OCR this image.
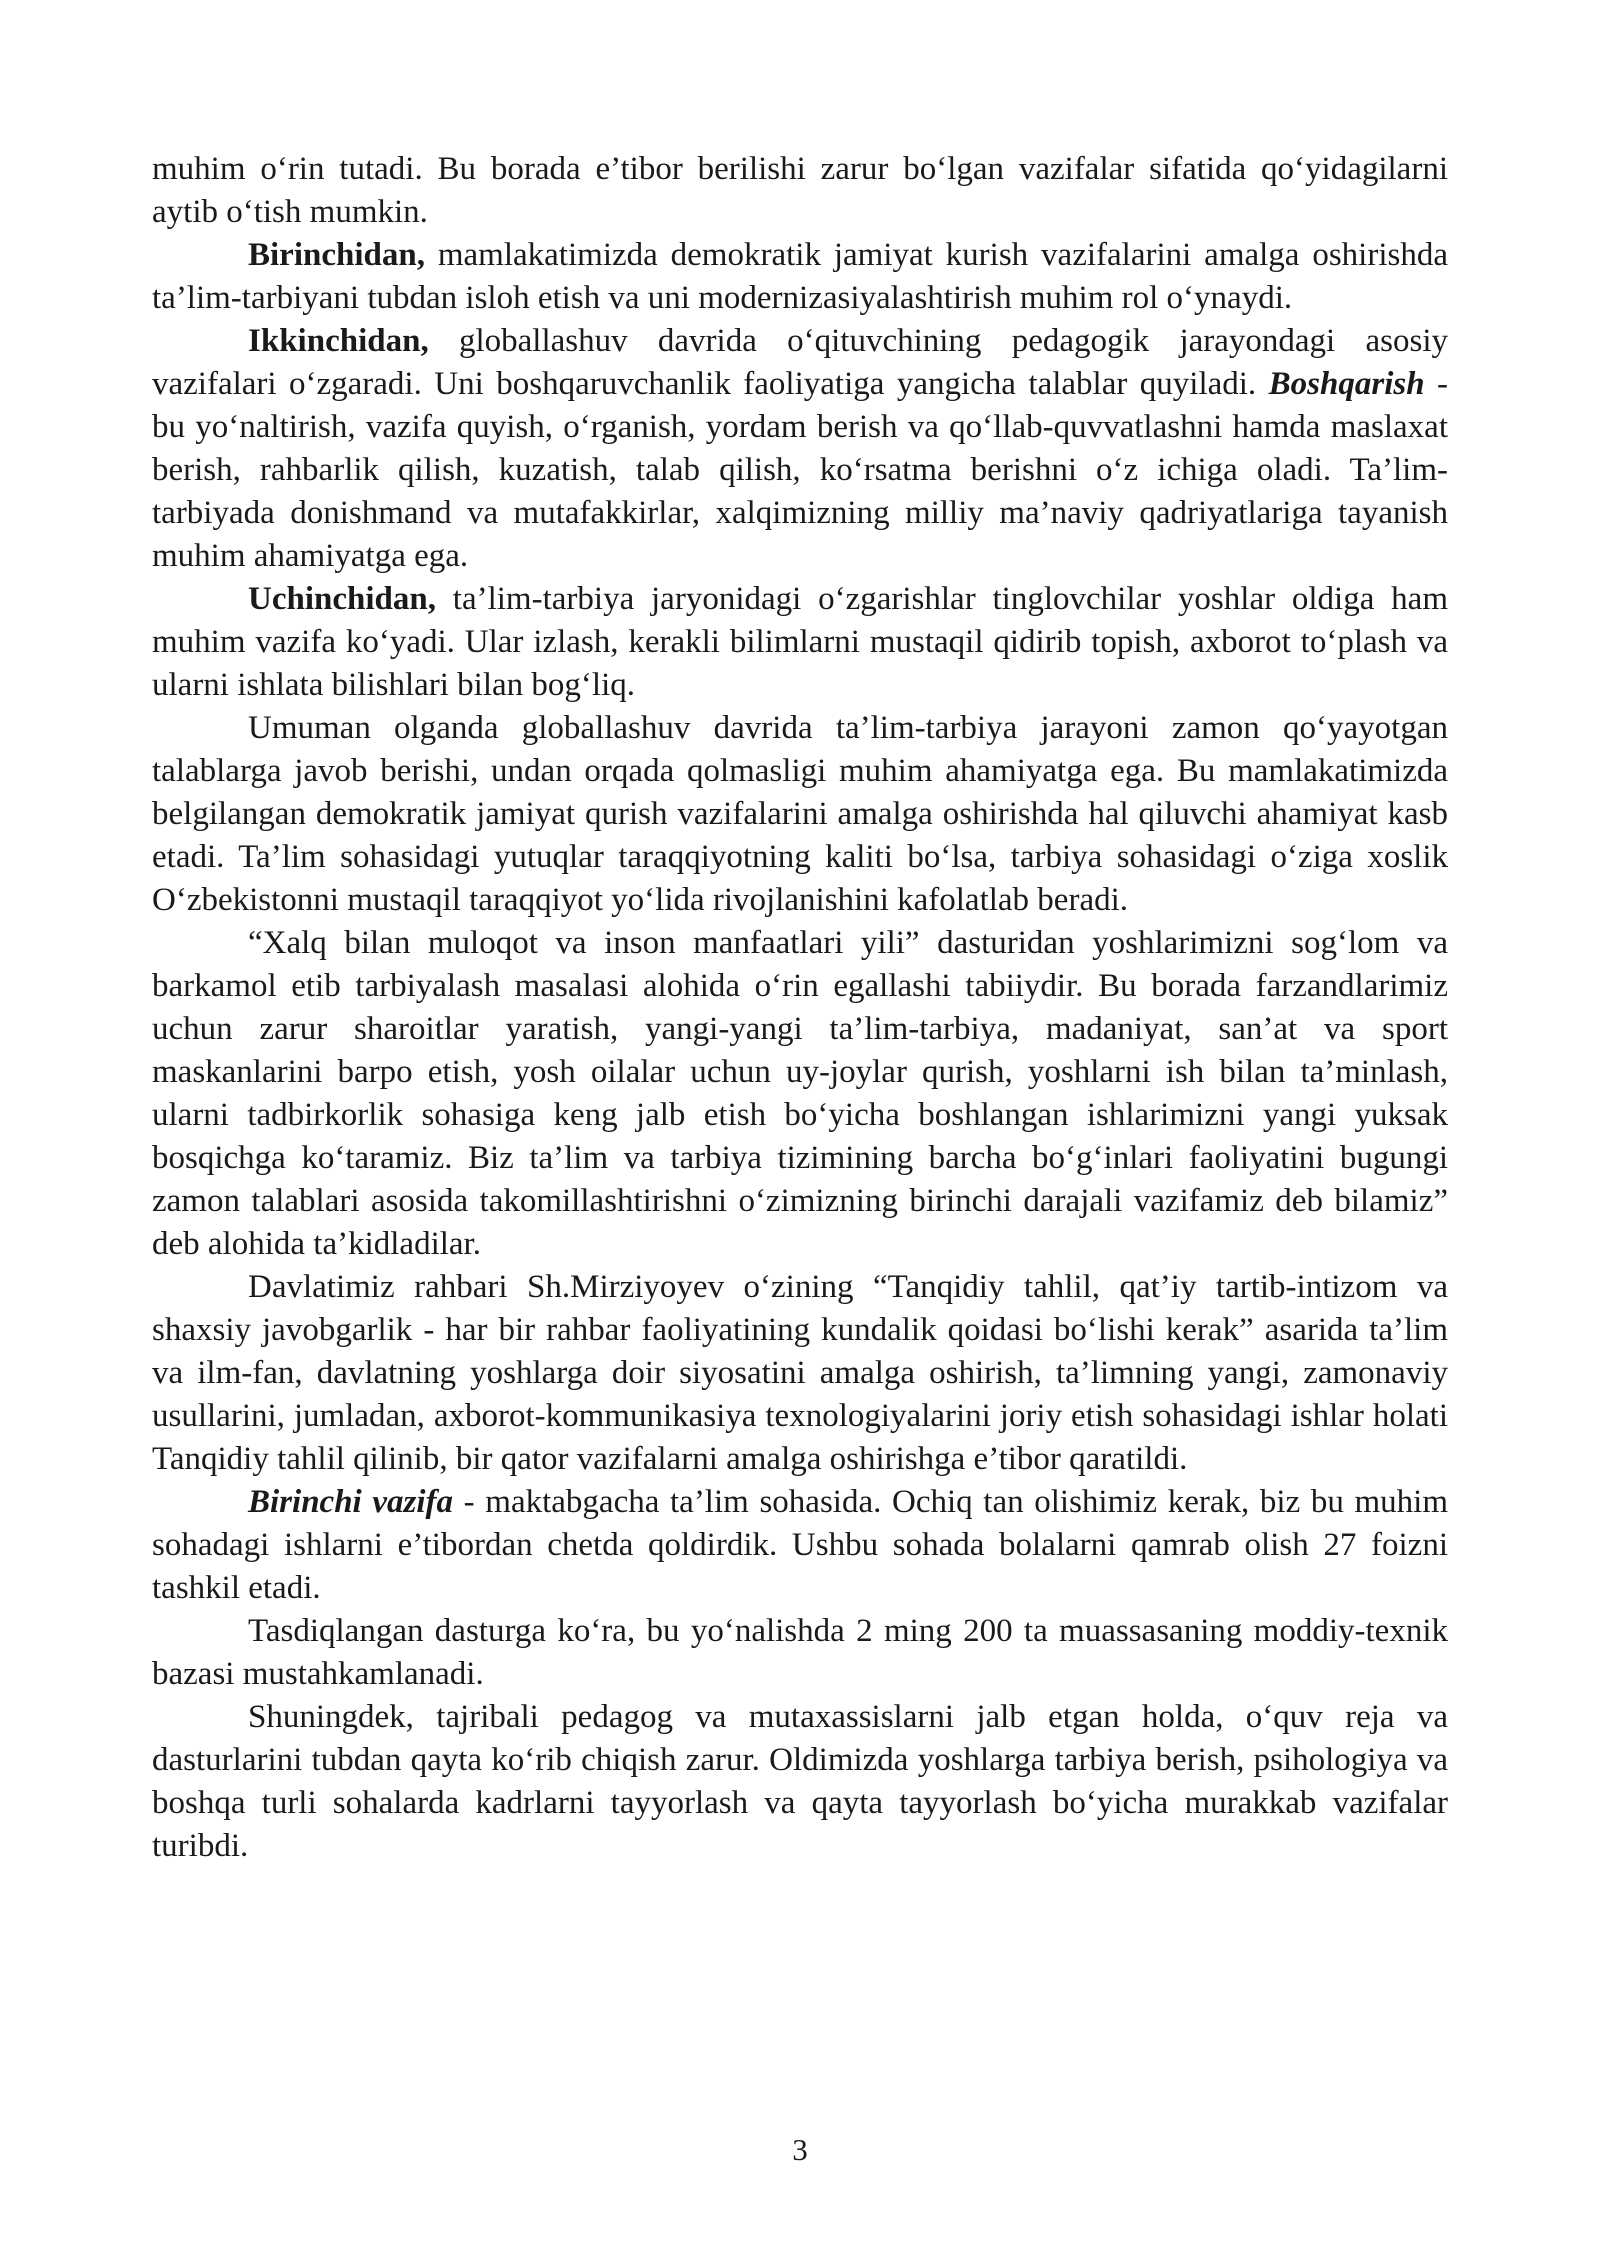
muhim o‘rin tutadi. Bu borada e’tibor berilishi zarur bo‘lgan vazifalar sifatida qo‘yidagilarni aytib o‘tish mumkin.

Birinchidan, mamlakatimizda demokratik jamiyat kurish vazifalarini amalga oshirishda ta’lim-tarbiyani tubdan isloh etish va uni modernizasiyalashtirish muhim rol o‘ynaydi.

Ikkinchidan, globallashuv davrida o‘qituvchining pedagogik jarayondagi asosiy vazifalari o‘zgaradi. Uni boshqaruvchanlik faoliyatiga yangicha talablar quyiladi. Boshqarish - bu yo‘naltirish, vazifa quyish, o‘rganish, yordam berish va qo‘llab-quvvatlashni hamda maslaxat berish, rahbarlik qilish, kuzatish, talab qilish, ko‘rsatma berishni o‘z ichiga oladi. Ta’lim-tarbiyada donishmand va mutafakkirlar, xalqimizning milliy ma’naviy qadriyatlariga tayanish muhim ahamiyatga ega.

Uchinchidan, ta’lim-tarbiya jaryonidagi o‘zgarishlar tinglovchilar yoshlar oldiga ham muhim vazifa ko‘yadi. Ular izlash, kerakli bilimlarni mustaqil qidirib topish, axborot to‘plash va ularni ishlata bilishlari bilan bog‘liq.

Umuman olganda globallashuv davrida ta’lim-tarbiya jarayoni zamon qo‘yayotgan talablarga javob berishi, undan orqada qolmasligi muhim ahamiyatga ega. Bu mamlakatimizda belgilangan demokratik jamiyat qurish vazifalarini amalga oshirishda hal qiluvchi ahamiyat kasb etadi. Ta’lim sohasidagi yutuqlar taraqqiyotning kaliti bo‘lsa, tarbiya sohasidagi o‘ziga xoslik O‘zbekistonni mustaqil taraqqiyot yo‘lida rivojlanishini kafolatlab beradi.

“Xalq bilan muloqot va inson manfaatlari yili” dasturidan yoshlarimizni sog‘lom va barkamol etib tarbiyalash masalasi alohida o‘rin egallashi tabiiydir. Bu borada farzandlarimiz uchun zarur sharoitlar yaratish, yangi-yangi ta’lim-tarbiya, madaniyat, san’at va sport maskanlarini barpo etish, yosh oilalar uchun uy-joylar qurish, yoshlarni ish bilan ta’minlash, ularni tadbirkorlik sohasiga keng jalb etish bo‘yicha boshlangan ishlarimizni yangi yuksak bosqichga ko‘taramiz. Biz ta’lim va tarbiya tizimining barcha bo‘g‘inlari faoliyatini bugungi zamon talablari asosida takomillashtirishni o‘zimizning birinchi darajali vazifamiz deb bilamiz” deb alohida ta’kidladilar.

Davlatimiz rahbari Sh.Mirziyoyev o‘zining “Tanqidiy tahlil, qat’iy tartib-intizom va shaxsiy javobgarlik - har bir rahbar faoliyatining kundalik qoidasi bo‘lishi kerak” asarida ta’lim va ilm-fan, davlatning yoshlarga doir siyosatini amalga oshirish, ta’limning yangi, zamonaviy usullarini, jumladan, axborot-kommunikasiya texnologiyalarini joriy etish sohasidagi ishlar holati Tanqidiy tahlil qilinib, bir qator vazifalarni amalga oshirishga e’tibor qaratildi.

Birinchi vazifa - maktabgacha ta’lim sohasida. Ochiq tan olishimiz kerak, biz bu muhim sohadagi ishlarni e’tibordan chetda qoldirdik. Ushbu sohada bolalarni qamrab olish 27 foizni tashkil etadi.

Tasdiqlangan dasturga ko‘ra, bu yo‘nalishda 2 ming 200 ta muassasaning moddiy-texnik bazasi mustahkamlanadi.

Shuningdek, tajribali pedagog va mutaxassislarni jalb etgan holda, o‘quv reja va dasturlarini tubdan qayta ko‘rib chiqish zarur. Oldimizda yoshlarga tarbiya berish, psihologiya va boshqa turli sohalarda kadrlarni tayyorlash va qayta tayyorlash bo‘yicha murakkab vazifalar turibdi.

3
